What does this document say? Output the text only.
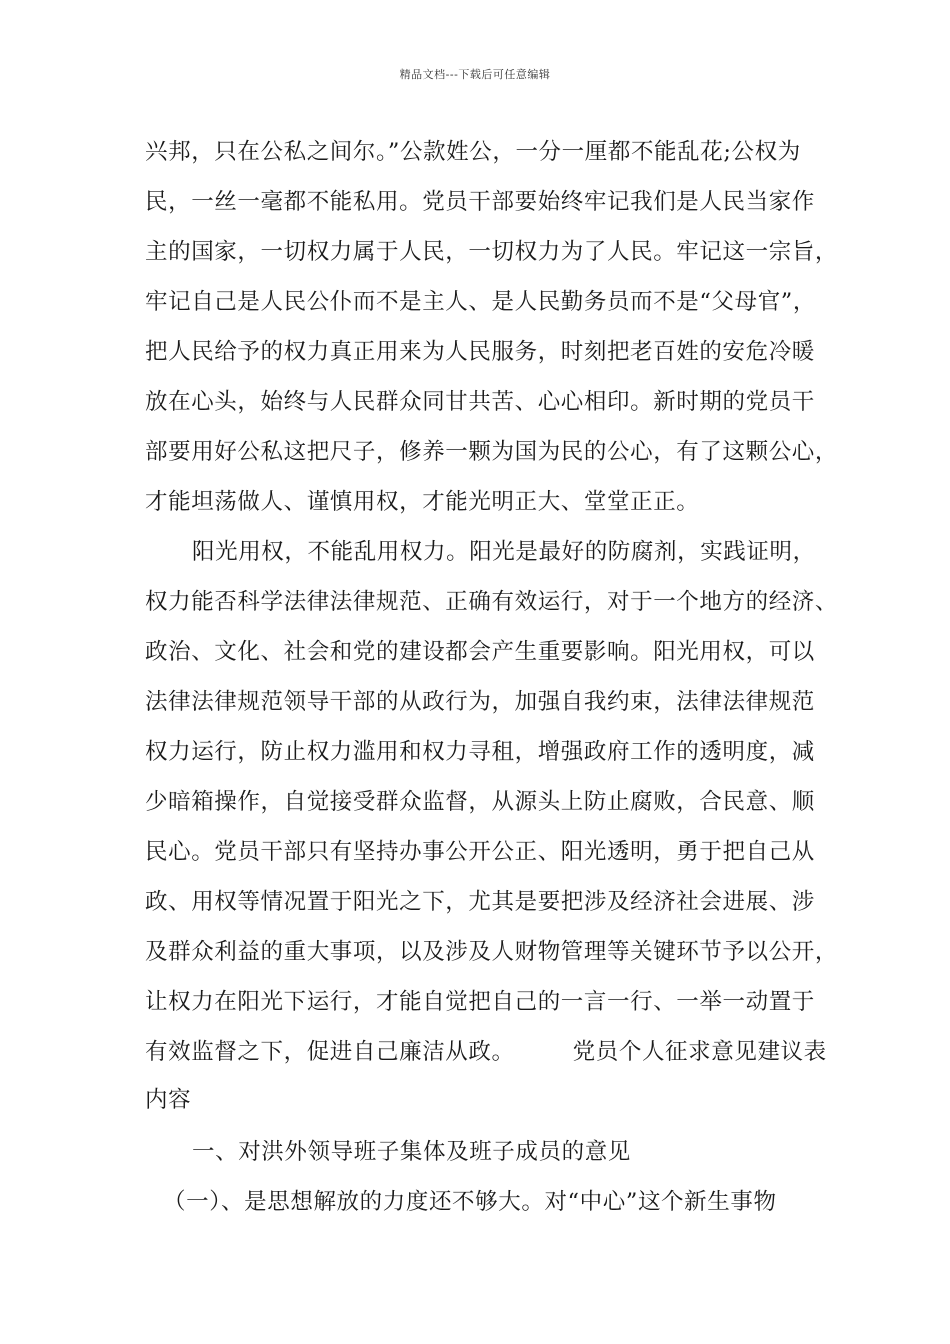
精品文档---下载后可任意编辑
兴邦，只在公私之间尔。”公款姓公，一分一厘都不能乱花;公权为
民，一丝一毫都不能私用。党员干部要始终牢记我们是人民当家作
主的国家，一切权力属于人民，一切权力为了人民。牢记这一宗旨，
牢记自己是人民公仆而不是主人、是人民勤务员而不是“父母官”，
把人民给予的权力真正用来为人民服务，时刻把老百姓的安危冷暖
放在心头，始终与人民群众同甘共苦、心心相印。新时期的党员干
部要用好公私这把尺子，修养一颗为国为民的公心，有了这颗公心，
才能坦荡做人、谨慎用权，才能光明正大、堂堂正正。
阳光用权，不能乱用权力。阳光是最好的防腐剂，实践证明，
权力能否科学法律法律规范、正确有效运行，对于一个地方的经济、
政治、文化、社会和党的建设都会产生重要影响。阳光用权，可以
法律法律规范领导干部的从政行为，加强自我约束，法律法律规范
权力运行，防止权力滥用和权力寻租，增强政府工作的透明度，减
少暗箱操作，自觉接受群众监督，从源头上防止腐败，合民意、顺
民心。党员干部只有坚持办事公开公正、阳光透明，勇于把自己从
政、用权等情况置于阳光之下，尤其是要把涉及经济社会进展、涉
及群众利益的重大事项，以及涉及人财物管理等关键环节予以公开，
让权力在阳光下运行，才能自觉把自己的一言一行、一举一动置于
有效监督之下，促进自己廉洁从政。　　　党员个人征求意见建议表
内容
一、对洪外领导班子集体及班子成员的意见
（一）、是思想解放的力度还不够大。对“中心”这个新生事物
